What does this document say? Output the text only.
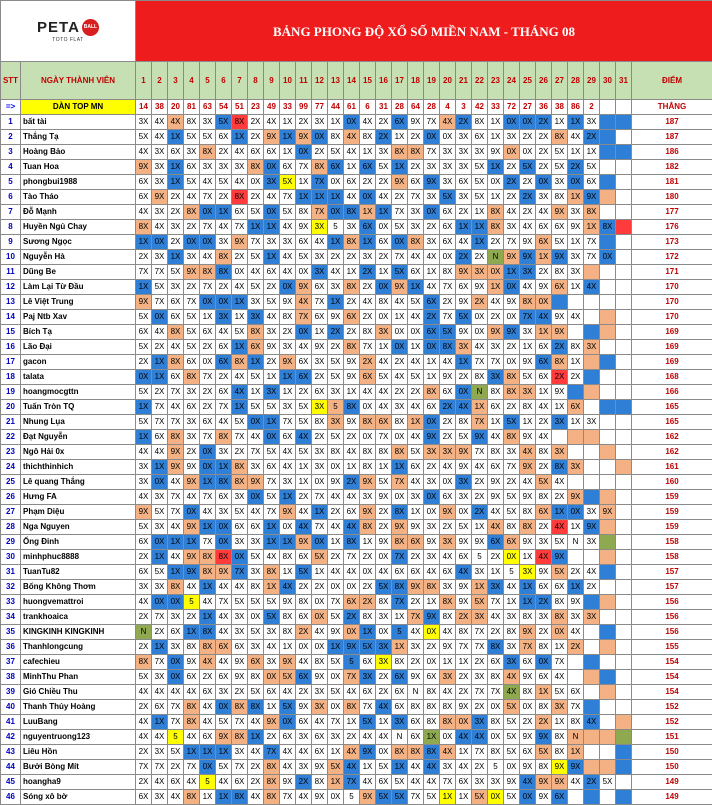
PETA BALL
TOTO FLAT		BẢNG PHONG ĐỘ XỔ SỐ MIỀN NAM - THÁNG 08																															
STT	NGÀY THÀNH VIÊN	1	2	3	4	5	6	7	8	9	10	11	12	13	14	15	16	17	18	19	20	21	22	23	24	25	26	27	28	29	30	31	ĐIỂM
=>	DÀN TOP MN	14	38	20	81	63	54	51	23	49	33	99	77	44	61	6	31	28	64	28	4	3	42	33	72	27	36	38	86	2			THẮNG
1	bất tài	3X	4X	4X	8X	3X	5X	8X	2X	4X	1X	2X	3X	1X	0X	4X	2X	6X	9X	7X	4X	2X	8X	1X	0X	0X	2X	1X	1X	3X			187
2	Thắng Tạ	5X	4X	1X	5X	5X	6X	1X	2X	9X	1X	9X	0X	8X	4X	8X	2X	1X	2X	0X	0X	3X	6X	1X	3X	2X	2X	8X	4X	2X			187
3	Hoàng Bảo	4X	3X	6X	3X	8X	2X	4X	6X	6X	1X	0X	2X	5X	4X	1X	3X	8X	8X	7X	3X	3X	3X	9X	0X	0X	2X	5X	1X	1X			186
4	Tuan Hoa	9X	3X	1X	6X	3X	3X	3X	8X	0X	6X	7X	8X	6X	1X	6X	5X	1X	2X	3X	3X	3X	5X	1X	2X	5X	2X	5X	2X	5X			182
5	phongbui1988	6X	3X	1X	5X	4X	5X	4X	0X	3X	5X	1X	7X	0X	6X	2X	2X	9X	6X	9X	3X	6X	5X	0X	2X	2X	0X	3X	0X	6X			181
6	Tào Tháo	6X	9X	2X	4X	7X	2X	8X	2X	4X	7X	1X	1X	1X	4X	0X	4X	2X	7X	3X	5X	3X	5X	1X	2X	2X	3X	8X	1X	9X			180
7	Đỗ Mạnh	4X	3X	2X	8X	0X	1X	6X	5X	0X	5X	8X	7X	0X	8X	1X	1X	7X	3X	0X	6X	2X	1X	8X	4X	2X	4X	9X	3X	8X			177
8	Huyền Ngủ Chay	8X	4X	3X	2X	7X	4X	7X	1X	1X	4X	9X	3X	5	3X	6X	0X	5X	3X	2X	6X	1X	1X	8X	3X	4X	6X	6X	9X	1X	8X		176
9	Sương Ngọc	1X	0X	2X	0X	0X	3X	9X	7X	3X	3X	6X	4X	1X	8X	1X	6X	0X	8X	3X	6X	4X	1X	2X	7X	9X	6X	5X	1X	7X			173
10	Nguyễn Hà	2X	3X	1X	3X	4X	8X	2X	5X	1X	4X	5X	3X	2X	2X	3X	2X	7X	4X	4X	0X	2X	2X	N	9X	9X	1X	9X	3X	7X	0X		172
11	Dũng Be	7X	7X	5X	9X	8X	8X	0X	4X	6X	4X	0X	3X	4X	1X	2X	1X	5X	6X	1X	8X	9X	3X	0X	1X	3X	2X	8X	3X				171
12	Làm Lại Từ Đầu	1X	5X	3X	2X	7X	2X	4X	5X	2X	0X	9X	6X	3X	8X	2X	0X	9X	1X	4X	7X	6X	9X	1X	0X	4X	9X	6X	1X	4X			170
13	Lê Việt Trung	9X	7X	6X	7X	0X	0X	1X	3X	5X	9X	4X	7X	1X	2X	4X	8X	4X	5X	6X	2X	9X	2X	4X	9X	8X	0X						170
14	Paj Ntb Xav	5X	0X	6X	5X	1X	3X	1X	3X	4X	8X	7X	6X	9X	6X	2X	0X	1X	4X	2X	7X	5X	0X	2X	0X	7X	4X	9X	4X				170
15	Bích Tạ	6X	4X	8X	5X	6X	4X	5X	8X	3X	2X	0X	1X	2X	2X	8X	3X	0X	0X	6X	5X	9X	0X	9X	9X	3X	1X	9X					169
16	Lão Đại	5X	2X	4X	5X	2X	6X	1X	6X	9X	3X	4X	9X	2X	8X	7X	1X	0X	1X	0X	8X	3X	4X	3X	2X	1X	6X	2X	8X	3X			169
17	gacon	2X	1X	8X	6X	0X	6X	8X	1X	2X	9X	6X	3X	5X	9X	2X	4X	2X	4X	1X	4X	1X	7X	7X	0X	9X	6X	8X	1X				169
18	talata	0X	1X	6X	8X	7X	2X	4X	5X	1X	1X	6X	2X	5X	9X	6X	5X	4X	5X	1X	9X	2X	8X	3X	8X	5X	6X	2X	2X				168
19	hoangmocgttn	5X	2X	7X	3X	2X	6X	4X	1X	3X	1X	2X	6X	3X	1X	4X	4X	2X	2X	8X	6X	0X	N	8X	8X	3X	1X	9X					166
20	Tuấn Tròn TQ	1X	7X	4X	6X	2X	7X	1X	5X	5X	3X	5X	3X	5	8X	0X	4X	3X	4X	6X	2X	4X	1X	6X	2X	8X	4X	1X	6X				165
21	Nhung Lụa	5X	7X	7X	3X	6X	4X	5X	0X	1X	7X	5X	8X	3X	9X	8X	6X	8X	1X	0X	2X	8X	7X	1X	5X	1X	2X	3X	1X	3X			165
22	Đạt Nguyễn	1X	6X	8X	3X	7X	8X	7X	4X	0X	6X	4X	2X	5X	2X	0X	7X	0X	4X	9X	2X	5X	9X	4X	8X	9X	4X						162
23	Ngô Hải 0x	4X	4X	9X	2X	0X	3X	2X	7X	5X	4X	5X	3X	8X	4X	8X	8X	8X	5X	3X	3X	9X	7X	8X	3X	4X	8X	3X					162
24	thichthinhich	3X	1X	9X	9X	0X	1X	8X	3X	6X	4X	1X	3X	0X	1X	8X	1X	1X	6X	2X	4X	9X	4X	6X	7X	9X	2X	8X	3X				161
25	Lê quang Thắng	3X	0X	4X	9X	1X	8X	8X	9X	7X	3X	1X	0X	9X	2X	9X	5X	7X	4X	3X	0X	3X	2X	9X	2X	4X	5X	4X					160
26	Hưng FA	4X	3X	7X	4X	7X	6X	3X	0X	5X	1X	2X	7X	4X	4X	3X	9X	0X	3X	0X	6X	3X	2X	9X	5X	9X	8X	2X	9X				159
27	Phạm Diệu	9X	5X	7X	0X	4X	3X	5X	4X	7X	9X	4X	1X	2X	6X	9X	2X	8X	1X	0X	9X	0X	2X	4X	5X	8X	6X	1X	0X	3X	9X		159
28	Nga Nguyen	5X	3X	4X	9X	1X	0X	6X	6X	1X	0X	4X	7X	4X	4X	8X	2X	9X	9X	3X	2X	5X	1X	4X	8X	8X	2X	4X	1X	9X			159
29	Ống Đinh	6X	0X	1X	1X	7X	0X	3X	3X	1X	1X	9X	0X	1X	8X	1X	9X	8X	6X	9X	3X	9X	9X	6X	6X	9X	3X	5X	N	3X			158
30	minhphuc8888	2X	1X	4X	9X	8X	8X	0X	5X	4X	8X	6X	5X	2X	7X	2X	0X	7X	2X	3X	4X	6X	5	2X	0X	1X	4X	9X					158
31	TuanTu82	6X	5X	1X	9X	8X	9X	7X	3X	8X	1X	5X	1X	4X	4X	0X	4X	6X	6X	4X	6X	4X	3X	1X	5	3X	9X	5X	2X	4X			157
32	Bống Không Thơm	3X	3X	8X	4X	1X	4X	4X	8X	1X	4X	2X	2X	0X	0X	2X	5X	8X	9X	8X	3X	9X	1X	3X	4X	1X	6X	6X	1X	2X			157
33	huongvemattroi	4X	0X	0X	5	4X	7X	5X	5X	5X	9X	8X	0X	7X	6X	2X	8X	7X	2X	1X	8X	9X	5X	7X	1X	1X	2X	8X	9X				156
34	trankhoaica	2X	7X	3X	2X	1X	4X	3X	0X	5X	8X	6X	0X	5X	2X	8X	3X	1X	7X	9X	8X	2X	3X	4X	3X	8X	3X	8X	3X	3X			156
35	KINGKINH KINGKINH	N	2X	6X	1X	8X	4X	3X	5X	3X	8X	2X	4X	9X	0X	1X	0X	5	4X	0X	4X	8X	7X	2X	8X	9X	2X	0X	4X				156
36	Thanhlongcung	2X	1X	3X	8X	8X	6X	6X	3X	4X	1X	0X	0X	1X	9X	5X	3X	1X	3X	2X	9X	7X	7X	8X	3X	7X	8X	1X	2X				155
37	cafechieu	8X	7X	0X	9X	4X	4X	9X	6X	3X	9X	4X	8X	5X	5	6X	3X	8X	2X	0X	1X	1X	2X	6X	3X	6X	0X	7X					154
38	MinhThu Phan	5X	3X	0X	6X	2X	6X	9X	8X	0X	5X	6X	9X	0X	7X	3X	2X	6X	9X	6X	3X	2X	3X	8X	4X	9X	6X	4X					154
39	Gió Chiều Thu	4X	4X	4X	4X	6X	3X	2X	5X	6X	4X	2X	3X	5X	4X	6X	2X	6X	N	8X	4X	2X	7X	7X	4X	8X	1X	5X	6X				154
40	Thanh Thủy Hoàng	2X	6X	7X	8X	4X	0X	8X	8X	1X	5X	9X	3X	0X	8X	7X	4X	6X	8X	8X	8X	9X	2X	0X	5X	0X	8X	3X	7X				152
41	LuuBang	4X	1X	7X	8X	4X	5X	7X	4X	9X	0X	6X	4X	7X	1X	5X	1X	3X	6X	8X	8X	0X	3X	8X	5X	2X	2X	1X	8X	4X			152
42	nguyentruong123	4X	4X	5	4X	6X	9X	8X	1X	2X	6X	3X	6X	3X	2X	4X	4X	N	6X	1X	0X	4X	4X	0X	5X	9X	9X	8X	N				151
43	Liêu Hồn	2X	3X	5X	1X	1X	1X	3X	4X	7X	4X	4X	6X	1X	4X	9X	0X	8X	8X	8X	4X	1X	7X	8X	5X	6X	5X	8X	1X				150
44	Bưởi Bòng Mít	7X	7X	2X	7X	0X	5X	7X	2X	8X	4X	3X	9X	5X	4X	1X	5X	1X	4X	4X	3X	4X	2X	5	0X	9X	8X	9X	9X				150
45	hoangha9	2X	4X	6X	4X	5	4X	6X	2X	8X	9X	2X	8X	1X	7X	4X	6X	5X	4X	4X	7X	6X	3X	3X	9X	4X	9X	9X	4X	2X	5X		149
46	Sóng xô bờ	6X	3X	4X	8X	1X	1X	8X	4X	8X	7X	4X	9X	0X	5	9X	5X	5X	7X	5X	1X	1X	5X	0X	5X	0X	9X	6X					149
